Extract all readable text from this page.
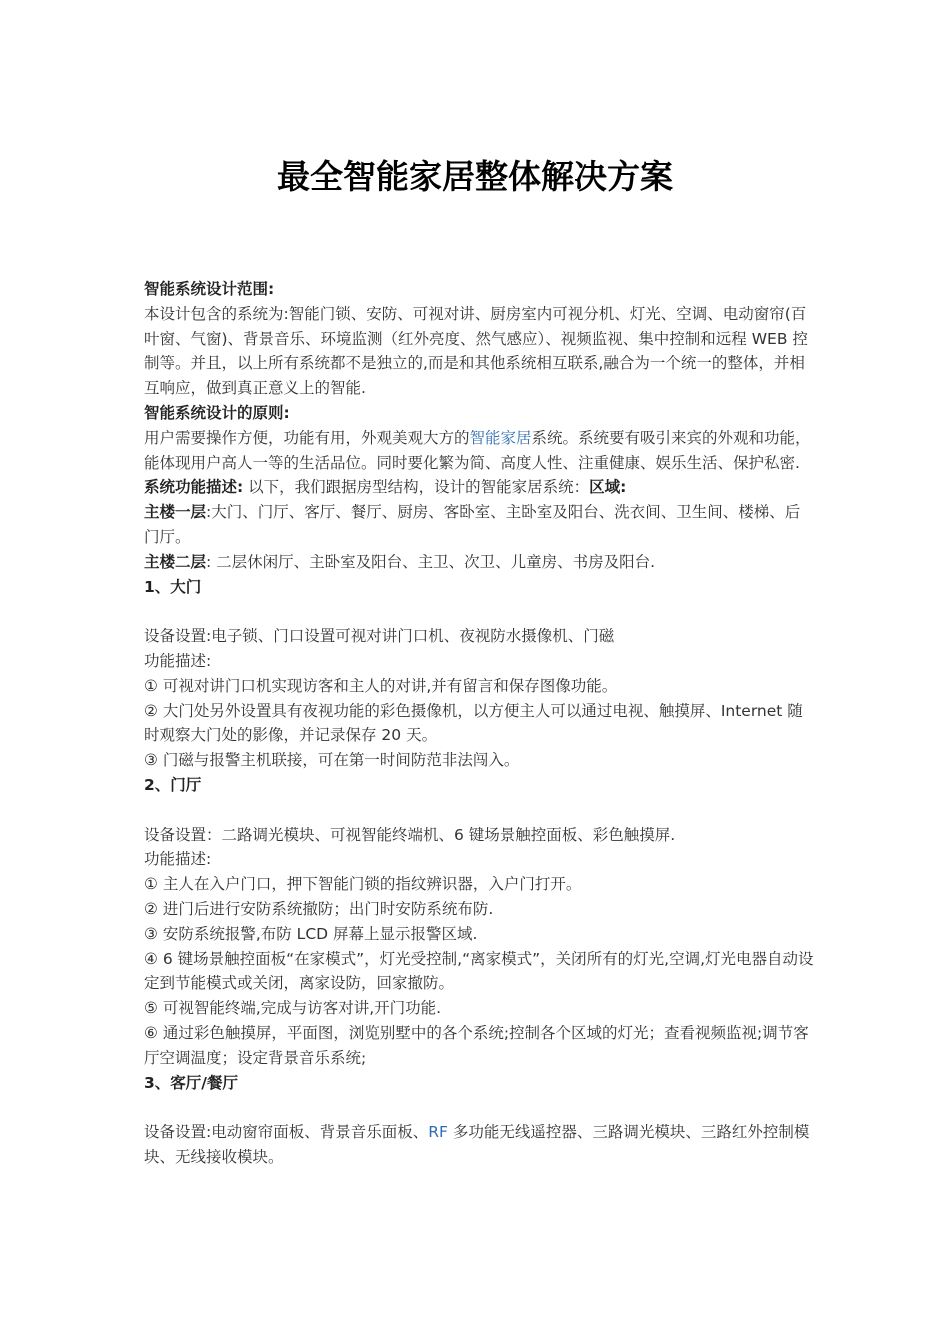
最全智能家居整体解决方案

智能系统设计范围:

本设计包含的系统为:智能门锁、安防、可视对讲、厨房室内可视分机、灯光、空调、电动窗帘(百叶窗、气窗)、背景音乐、环境监测（红外亮度、然气感应）、视频监视、集中控制和远程 WEB 控制等。并且，以上所有系统都不是独立的,而是和其他系统相互联系,融合为一个统一的整体，并相互响应，做到真正意义上的智能.

智能系统设计的原则:

用户需要操作方便，功能有用，外观美观大方的智能家居系统。系统要有吸引来宾的外观和功能，能体现用户高人一等的生活品位。同时要化繁为简、高度人性、注重健康、娱乐生活、保护私密.

系统功能描述: 以下，我们跟据房型结构，设计的智能家居系统：区域:

主楼一层:大门、门厅、客厅、餐厅、厨房、客卧室、主卧室及阳台、洗衣间、卫生间、楼梯、后门厅。

主楼二层: 二层休闲厅、主卧室及阳台、主卫、次卫、儿童房、书房及阳台.

1、大门

设备设置:电子锁、门口设置可视对讲门口机、夜视防水摄像机、门磁

功能描述:

① 可视对讲门口机实现访客和主人的对讲,并有留言和保存图像功能。

② 大门处另外设置具有夜视功能的彩色摄像机，以方便主人可以通过电视、触摸屏、Internet 随时观察大门处的影像，并记录保存 20 天。

③ 门磁与报警主机联接，可在第一时间防范非法闯入。

2、门厅

设备设置：二路调光模块、可视智能终端机、6 键场景触控面板、彩色触摸屏.

功能描述:

① 主人在入户门口，押下智能门锁的指纹辨识器，入户门打开。

② 进门后进行安防系统撤防；出门时安防系统布防.

③ 安防系统报警,布防 LCD 屏幕上显示报警区域.

④ 6 键场景触控面板“在家模式”，灯光受控制,“离家模式”，关闭所有的灯光,空调,灯光电器自动设定到节能模式或关闭，离家设防，回家撤防。

⑤ 可视智能终端,完成与访客对讲,开门功能.

⑥ 通过彩色触摸屏，平面图，浏览别墅中的各个系统;控制各个区域的灯光；查看视频监视;调节客厅空调温度；设定背景音乐系统;

3、客厅/餐厅

设备设置:电动窗帘面板、背景音乐面板、RF 多功能无线遥控器、三路调光模块、三路红外控制模块、无线接收模块。
